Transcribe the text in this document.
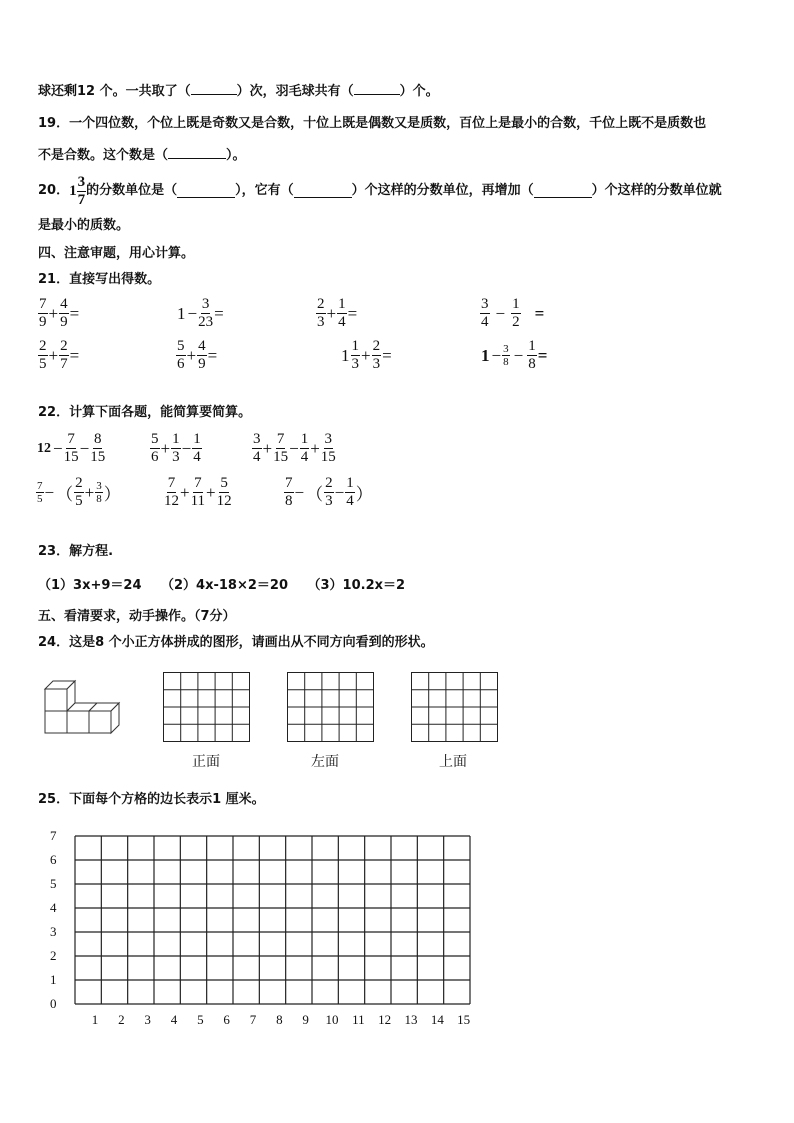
球还剩12 个。一共取了（	）次，羽毛球共有（	）个。
19．一个四位数，个位上既是奇数又是合数，十位上既是偶数又是质数，百位上是最小的合数，千位上既不是质数也
不是合数。这个数是（	）。
20． $1 \frac{3}{7}$ 的分数单位是（	），它有（	）个这样的分数单位，再增加（	）个这样的分数单位就
是最小的质数。
四、注意审题，用心计算。
21．直接写出得数。
$\frac{7}{9} + \frac{4}{9}$ =	$1 - \frac{3}{23}$ =	$\frac{2}{3} + \frac{1}{4}$ =	$\frac{3}{4} - \frac{1}{2}$ =
$\frac{2}{5} + \frac{2}{7}$ =	$\frac{5}{6} + \frac{4}{9}$ =	$1 \frac{1}{3} + \frac{2}{3}$ =	$1 - \frac{3}{8} - \frac{1}{8}$ =
22．计算下面各题，能简算要简算。
$12 - \frac{7}{15} - \frac{8}{15}$	$\frac{5}{6} + \frac{1}{3} - \frac{1}{4}$	$\frac{3}{4} + \frac{7}{15} - \frac{1}{4} + \frac{3}{15}$
$\frac{7}{5}$ − （ $\frac{2}{5} + \frac{3}{8}$ ）	$\frac{7}{12} + \frac{7}{11} + \frac{5}{12}$	$\frac{7}{8}$ − （ $\frac{2}{3} - \frac{1}{4}$ ）
23．解方程.
（1）3x+9＝24　　（2）4x-18×2＝20　　（3）10.2x＝2
五、看清要求，动手操作。（7分）
24．这是8 个小正方体拼成的图形，请画出从不同方向看到的形状。
正面	左面	上面
25．下面每个方格的边长表示1 厘米。
0
1
2
3
4
5
6
7
1 2 3 4 5 6 7 8 9 10 11 12 13 14 15
